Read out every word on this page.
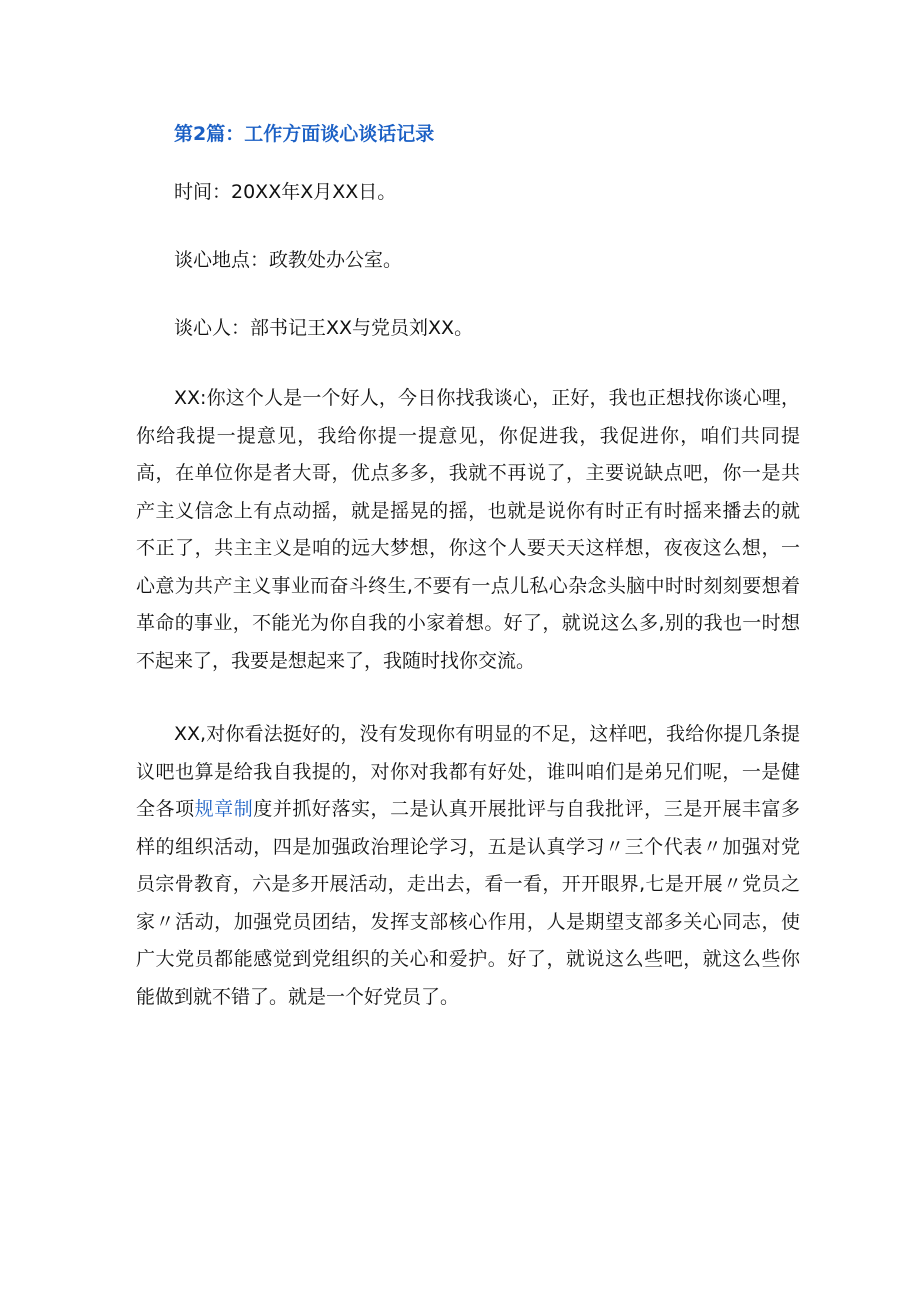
第2篇：工作方面谈心谈话记录
时间：20XX年X月XX日。
谈心地点：政教处办公室。
谈心人：部书记王XX与党员刘XX。

XX:你这个人是一个好人，今日你找我谈心，正好，我也正想找你谈心哩，你给我提一提意见，我给你提一提意见，你促进我，我促进你，咱们共同提高，在单位你是者大哥，优点多多，我就不再说了，主要说缺点吧，你一是共产主义信念上有点动摇，就是摇晃的摇，也就是说你有时正有时摇来播去的就不正了，共主主义是咱的远大梦想，你这个人要天天这样想，夜夜这么想，一心意为共产主义事业而奋斗终生,不要有一点儿私心杂念头脑中时时刻刻要想着革命的事业，不能光为你自我的小家着想。好了，就说这么多,别的我也一时想不起来了，我要是想起来了，我随时找你交流。

XX,对你看法挺好的，没有发现你有明显的不足，这样吧，我给你提几条提议吧也算是给我自我提的，对你对我都有好处，谁叫咱们是弟兄们呢，一是健全各项规章制度并抓好落实，二是认真开展批评与自我批评，三是开展丰富多样的组织活动，四是加强政治理论学习，五是认真学习〃三个代表〃加强对党员宗骨教育，六是多开展活动，走出去，看一看，开开眼界,七是开展〃党员之家〃活动，加强党员团结，发挥支部核心作用，人是期望支部多关心同志，使广大党员都能感觉到党组织的关心和爱护。好了，就说这么些吧，就这么些你能做到就不错了。就是一个好党员了。
